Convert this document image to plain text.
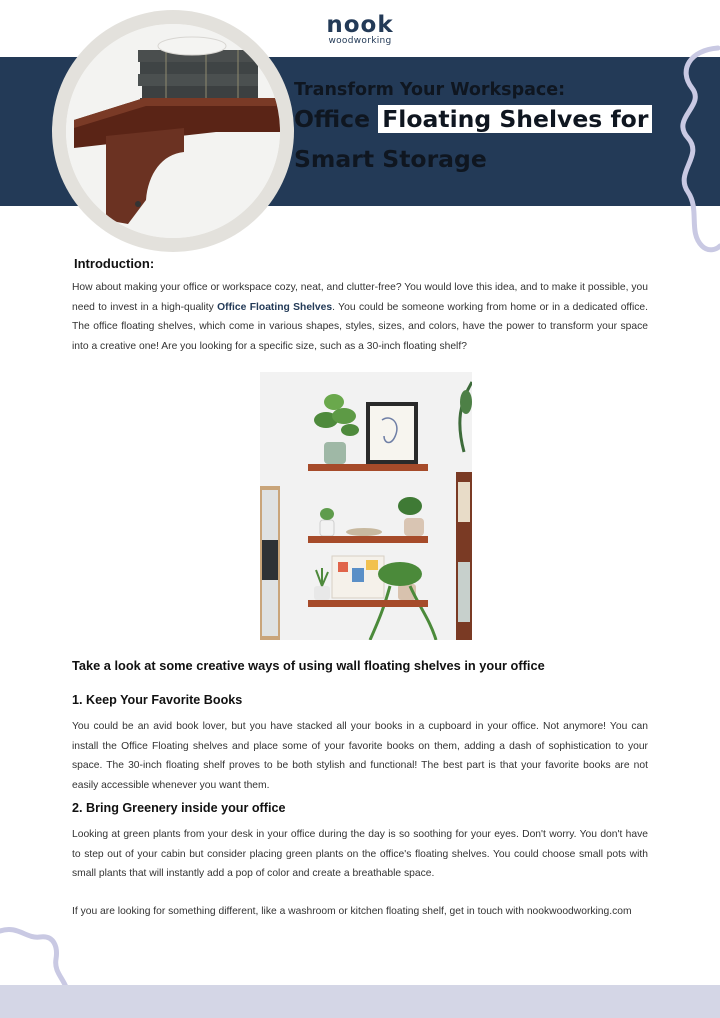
nook
woodworking
Transform Your Workspace:
Office Floating Shelves for
Smart Storage
Introduction:
How about making your office or workspace cozy, neat, and clutter-free? You would love this idea, and to make it possible, you need to invest in a high-quality Office Floating Shelves. You could be someone working from home or in a dedicated office. The office floating shelves, which come in various shapes, styles, sizes, and colors, have the power to transform your space into a creative one! Are you looking for a specific size, such as a 30-inch floating shelf?
Take a look at some creative ways of using wall floating shelves in your office
1. Keep Your Favorite Books
You could be an avid book lover, but you have stacked all your books in a cupboard in your office. Not anymore! You can install the Office Floating shelves and place some of your favorite books on them, adding a dash of sophistication to your space. The 30-inch floating shelf proves to be both stylish and functional! The best part is that your favorite books are not easily accessible whenever you want them.
2. Bring Greenery inside your office
Looking at green plants from your desk in your office during the day is so soothing for your eyes. Don't worry. You don't have to step out of your cabin but consider placing green plants on the office's floating shelves. You could choose small pots with small plants that will instantly add a pop of color and create a breathable space.
If you are looking for something different, like a washroom or kitchen floating shelf, get in touch with nookwoodworking.com
